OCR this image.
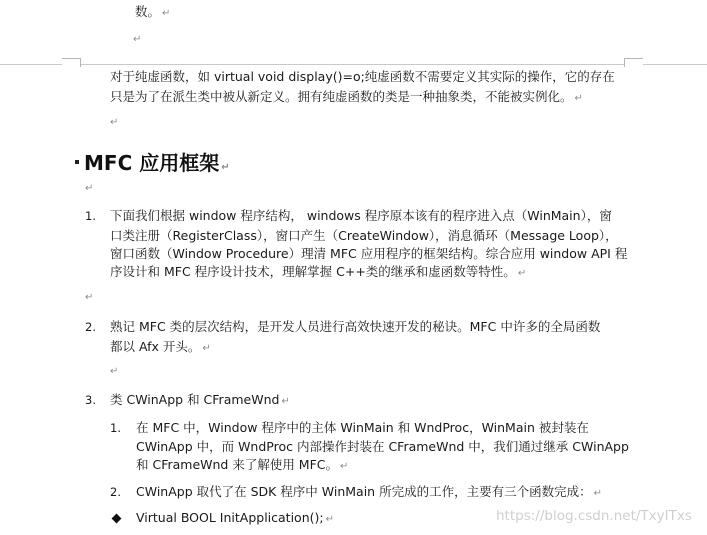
数。 ↵
↵
对于纯虚函数，如 virtual void display()=o;纯虚函数不需要定义其实际的操作，它的存在
只是为了在派生类中被从新定义。拥有纯虚函数的类是一种抽象类，不能被实例化。 ↵
↵
MFC 应用框架 ↵
↵
1. 下面我们根据 window 程序结构， windows 程序原本该有的程序进入点（WinMain），窗
口类注册（RegisterClass），窗口产生（CreateWindow），消息循环（Message Loop），
窗口函数（Window Procedure）理清 MFC 应用程序的框架结构。综合应用 window API 程
序设计和 MFC 程序设计技术，理解掌握 C++类的继承和虚函数等特性。 ↵
↵
2. 熟记 MFC 类的层次结构，是开发人员进行高效快速开发的秘诀。MFC 中许多的全局函数
都以 Afx 开头。 ↵
↵
3. 类 CWinApp 和 CFrameWnd ↵
1. 在 MFC 中，Window 程序中的主体 WinMain 和 WndProc，WinMain 被封装在
CWinApp 中，而 WndProc 内部操作封装在 CFrameWnd 中，我们通过继承 CWinApp
和 CFrameWnd 来了解使用 MFC。 ↵
2. CWinApp 取代了在 SDK 程序中 WinMain 所完成的工作，主要有三个函数完成： ↵
Virtual BOOL InitApplication(); ↵	https://blog.csdn.net/TxyITxs
